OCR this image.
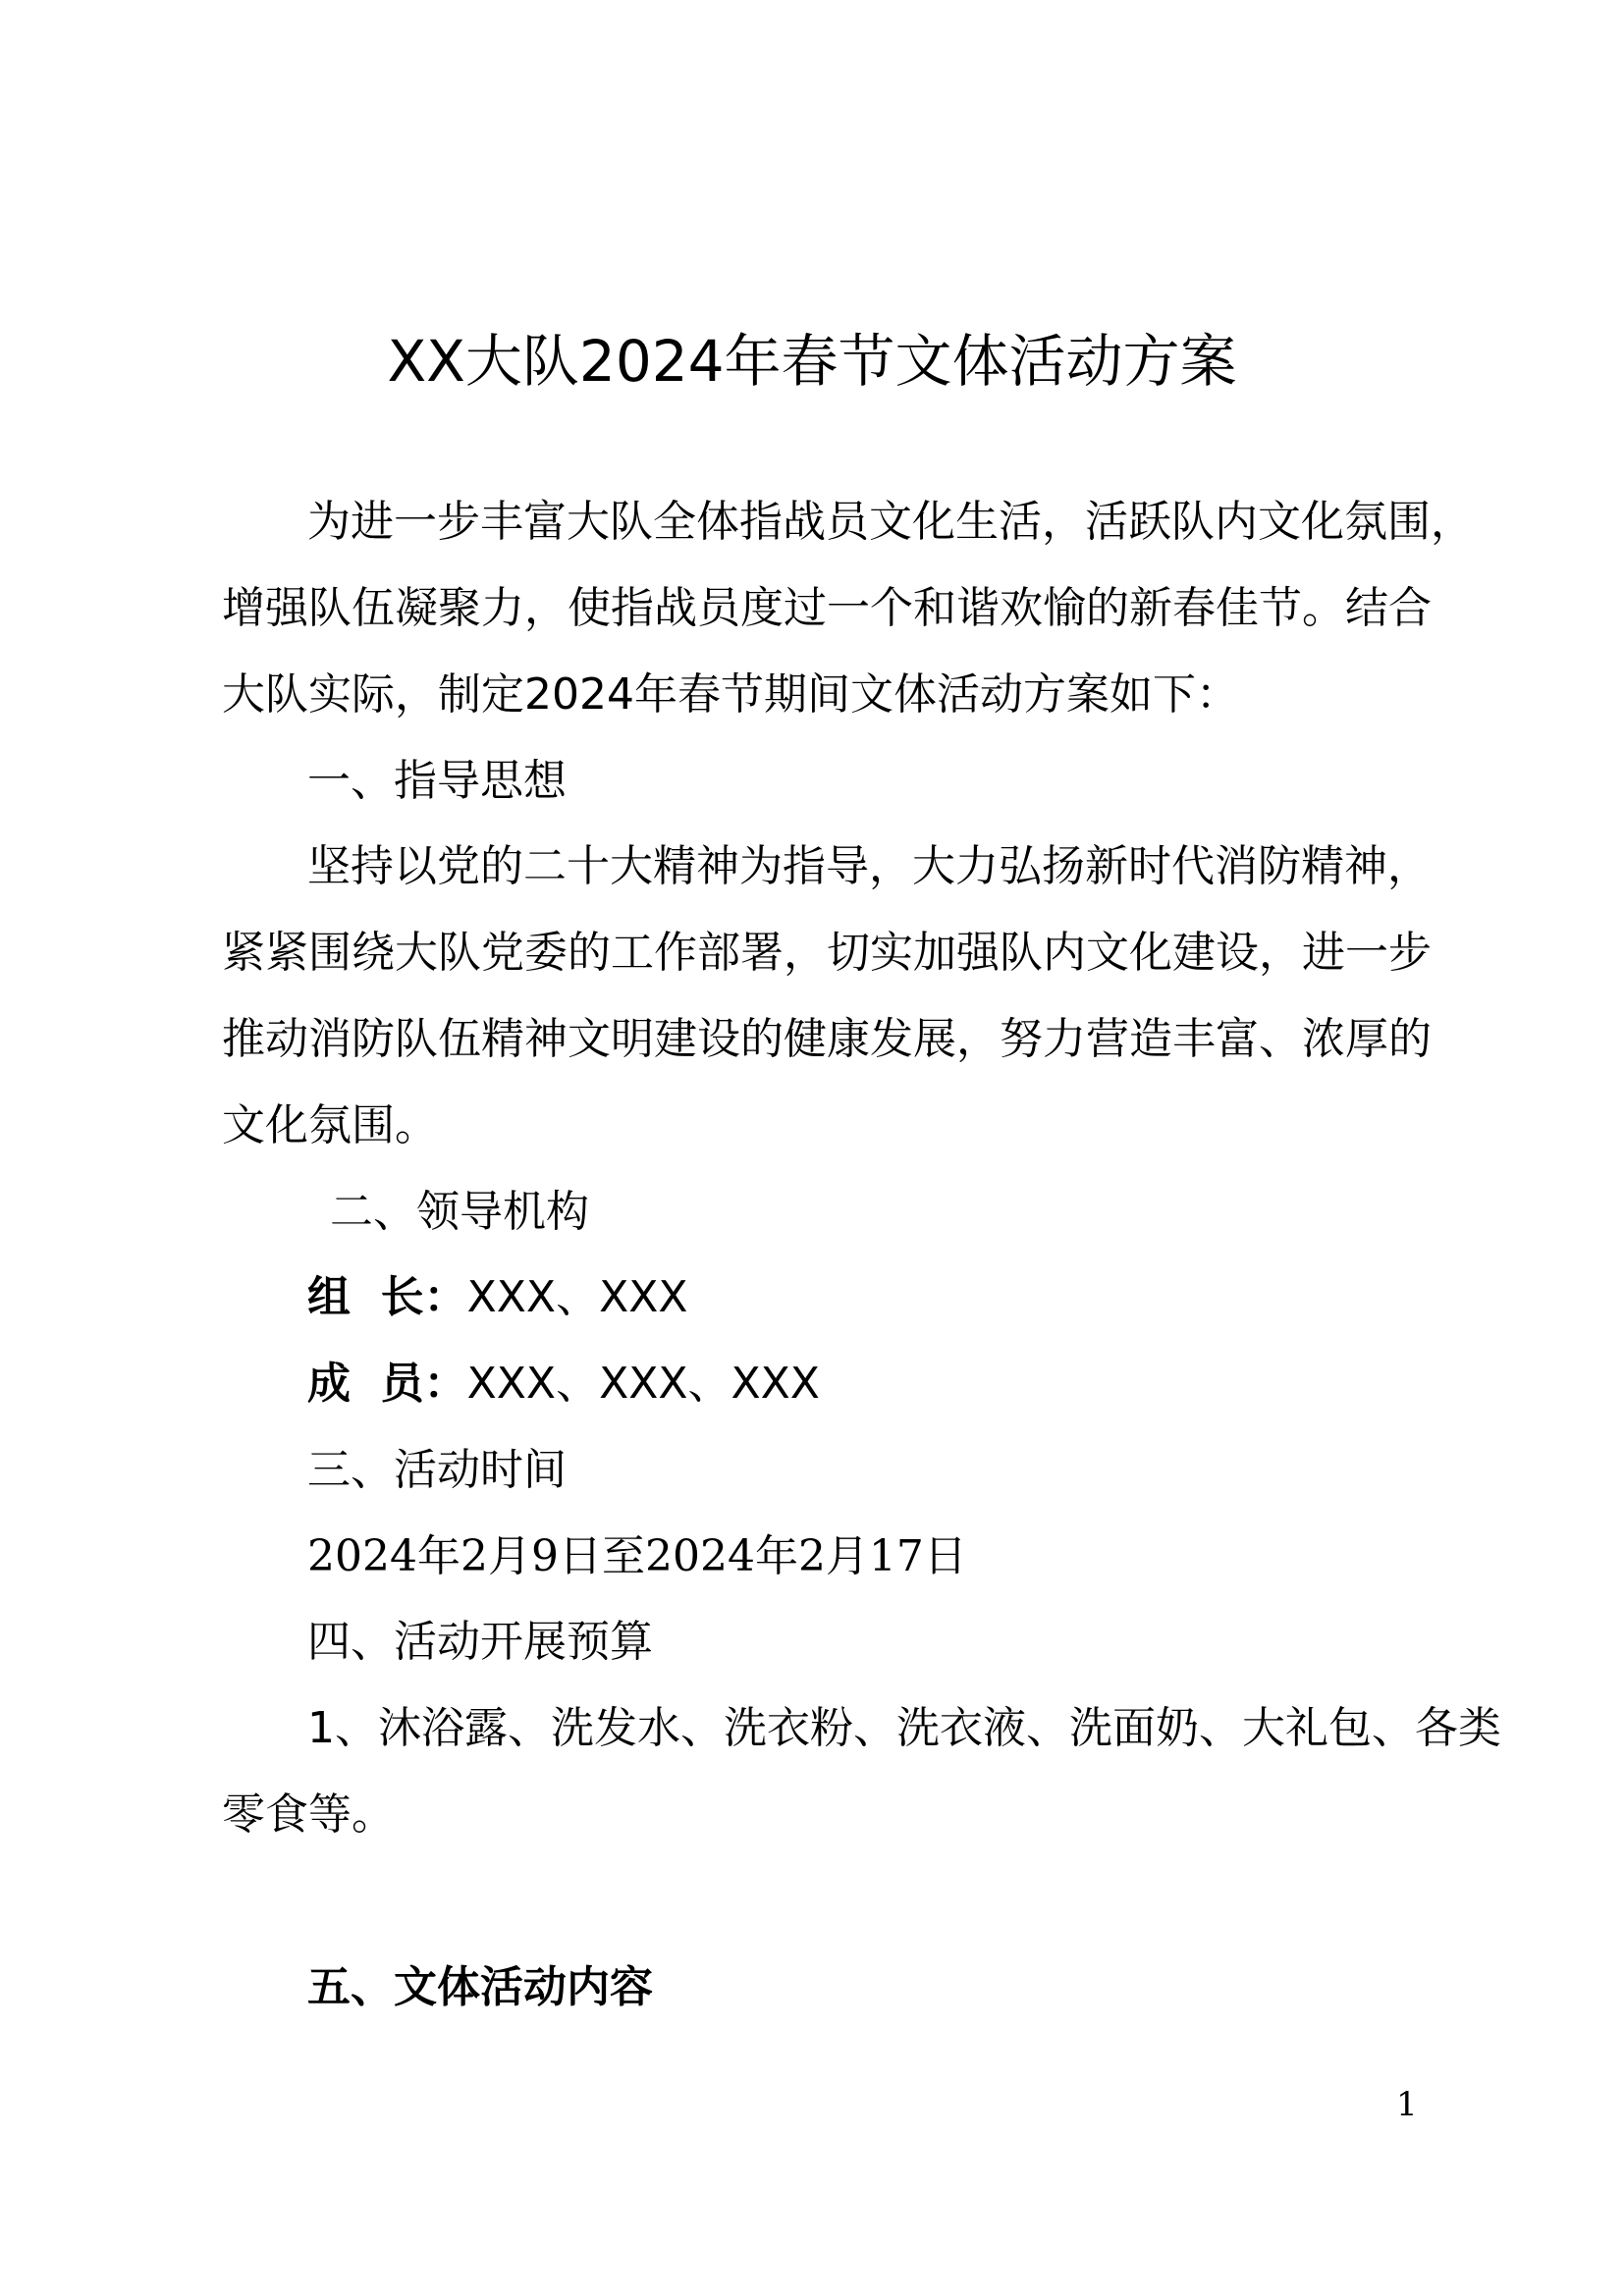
XX大队2024年春节文体活动方案
为进一步丰富大队全体指战员文化生活，活跃队内文化氛围，
增强队伍凝聚力，使指战员度过一个和谐欢愉的新春佳节。结合
大队实际，制定2024年春节期间文体活动方案如下：
一、指导思想
坚持以党的二十大精神为指导，大力弘扬新时代消防精神，
紧紧围绕大队党委的工作部署，切实加强队内文化建设，进一步
推动消防队伍精神文明建设的健康发展，努力营造丰富、浓厚的
文化氛围。
二、领导机构
组  长：XXX、XXX
成  员：XXX、XXX、XXX
三、活动时间
2024年2月9日至2024年2月17日
四、活动开展预算
1、沐浴露、洗发水、洗衣粉、洗衣液、洗面奶、大礼包、各类
零食等。
五、文体活动内容
1
